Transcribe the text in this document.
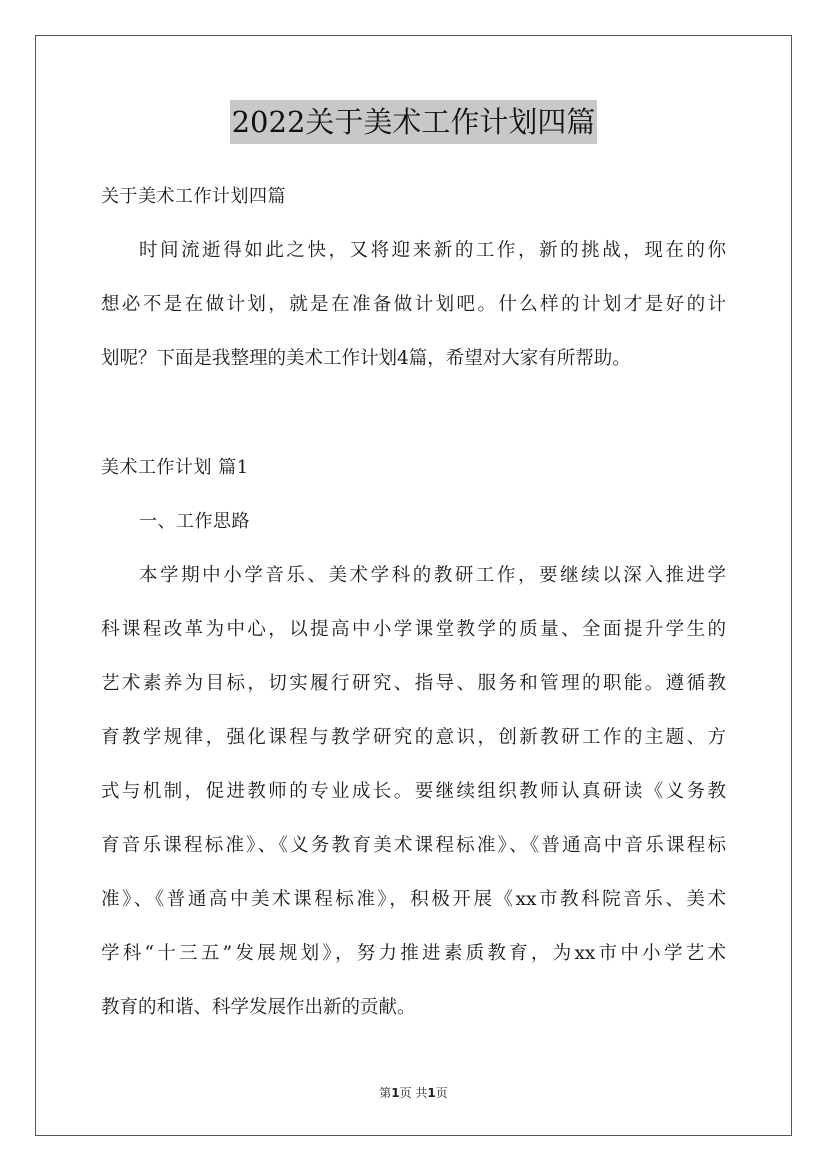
2022关于美术工作计划四篇
关于美术工作计划四篇
时间流逝得如此之快，又将迎来新的工作，新的挑战，现在的你
想必不是在做计划，就是在准备做计划吧。什么样的计划才是好的计
划呢？下面是我整理的美术工作计划4篇，希望对大家有所帮助。
美术工作计划 篇1
一、工作思路
本学期中小学音乐、美术学科的教研工作，要继续以深入推进学
科课程改革为中心，以提高中小学课堂教学的质量、全面提升学生的
艺术素养为目标，切实履行研究、指导、服务和管理的职能。遵循教
育教学规律，强化课程与教学研究的意识，创新教研工作的主题、方
式与机制，促进教师的专业成长。要继续组织教师认真研读《义务教
育音乐课程标准》、《义务教育美术课程标准》、《普通高中音乐课程标
准》、《普通高中美术课程标准》，积极开展《xx市教科院音乐、美术
学科“十三五”发展规划》，努力推进素质教育，为xx市中小学艺术
教育的和谐、科学发展作出新的贡献。
第1页 共1页
